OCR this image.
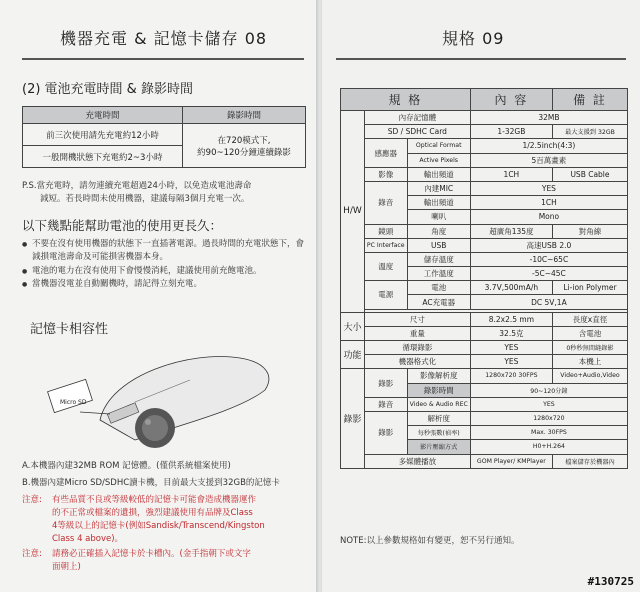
機器充電 & 記憶卡儲存 08
(2) 電池充電時間 & 錄影時間
充電時間	錄影時間
前三次使用請先充電約12小時	在720模式下,
約90~120分鐘連續錄影

一般開機狀態下充電約2~3小時	
P.S.當充電時，請勿連續充電超過24小時，以免造成電池壽命
減短。若長時間未使用機器，建議每隔3個月充電一次。
以下幾點能幫助電池的使用更長久：
● 不要在沒有使用機器的狀態下一直插著電源。過長時間的充電狀態下，會減損電池壽命及可能損害機器本身。
● 電池的電力在沒有使用下會慢慢消耗，建議使用前充飽電池。
● 當機器沒電並自動關機時，請記得立刻充電。
記憶卡相容性
Micro SD
A.本機器內建32MB ROM 記憶體。(僅供系統檔案使用)
B.機器內建Micro SD/SDHC讀卡機，目前最大支援到32GB的記憶卡
注意: 有些品質不良或等級較低的記憶卡可能會造成機器運作
的不正常或檔案的遺損，強烈建議使用有品牌及Class
4等級以上的記憶卡(例如Sandisk/Transcend/Kingston
Class 4 above)。
注意: 請務必正確插入記憶卡於卡槽內。(金手指朝下或文字
面朝上)
規格 09
規 格			內 容	備 註
H/W	內存記憶體		32MB	
	SD / SDHC Card		1-32GB	最大支援到 32GB
	感應器	Optical Format	1/2.5inch(4:3)	
		Active Pixels	5百萬畫素	
	影像	輸出頻道	1CH	USB Cable
	錄音	內建MIC	YES	
		輸出頻道	1CH	
		喇叭	Mono	
	鏡頭	角度	超廣角135度	對角線
	PC Interface	USB	高速USB 2.0	
	溫度	儲存溫度	-10C~65C	
		工作溫度	-5C~45C	
	電源	電池	3.7V,500mA/h	Li-ion Polymer
		AC充電器	DC 5V,1A	

大小	尺寸		8.2x2.5 mm	長度x直徑
	重量		32.5克	含電池
功能	循環錄影		YES	0秒秒無間縫錄影
	機器格式化		YES	本機上
錄影	錄影	影像解析度	1280x720 30FPS	Video+Audio,Video
		錄影時間	90~120分鐘	
	錄音	Video & Audio REC	YES	
	錄影	解析度	1280x720	
		每秒張數(禎率)	Max. 30FPS	
		影片壓縮方式	H0+H.264	
	多媒體播放		GOM Player/ KMPlayer	檔案儲存於機器內
NOTE:以上參數規格如有變更，恕不另行通知。
#130725
